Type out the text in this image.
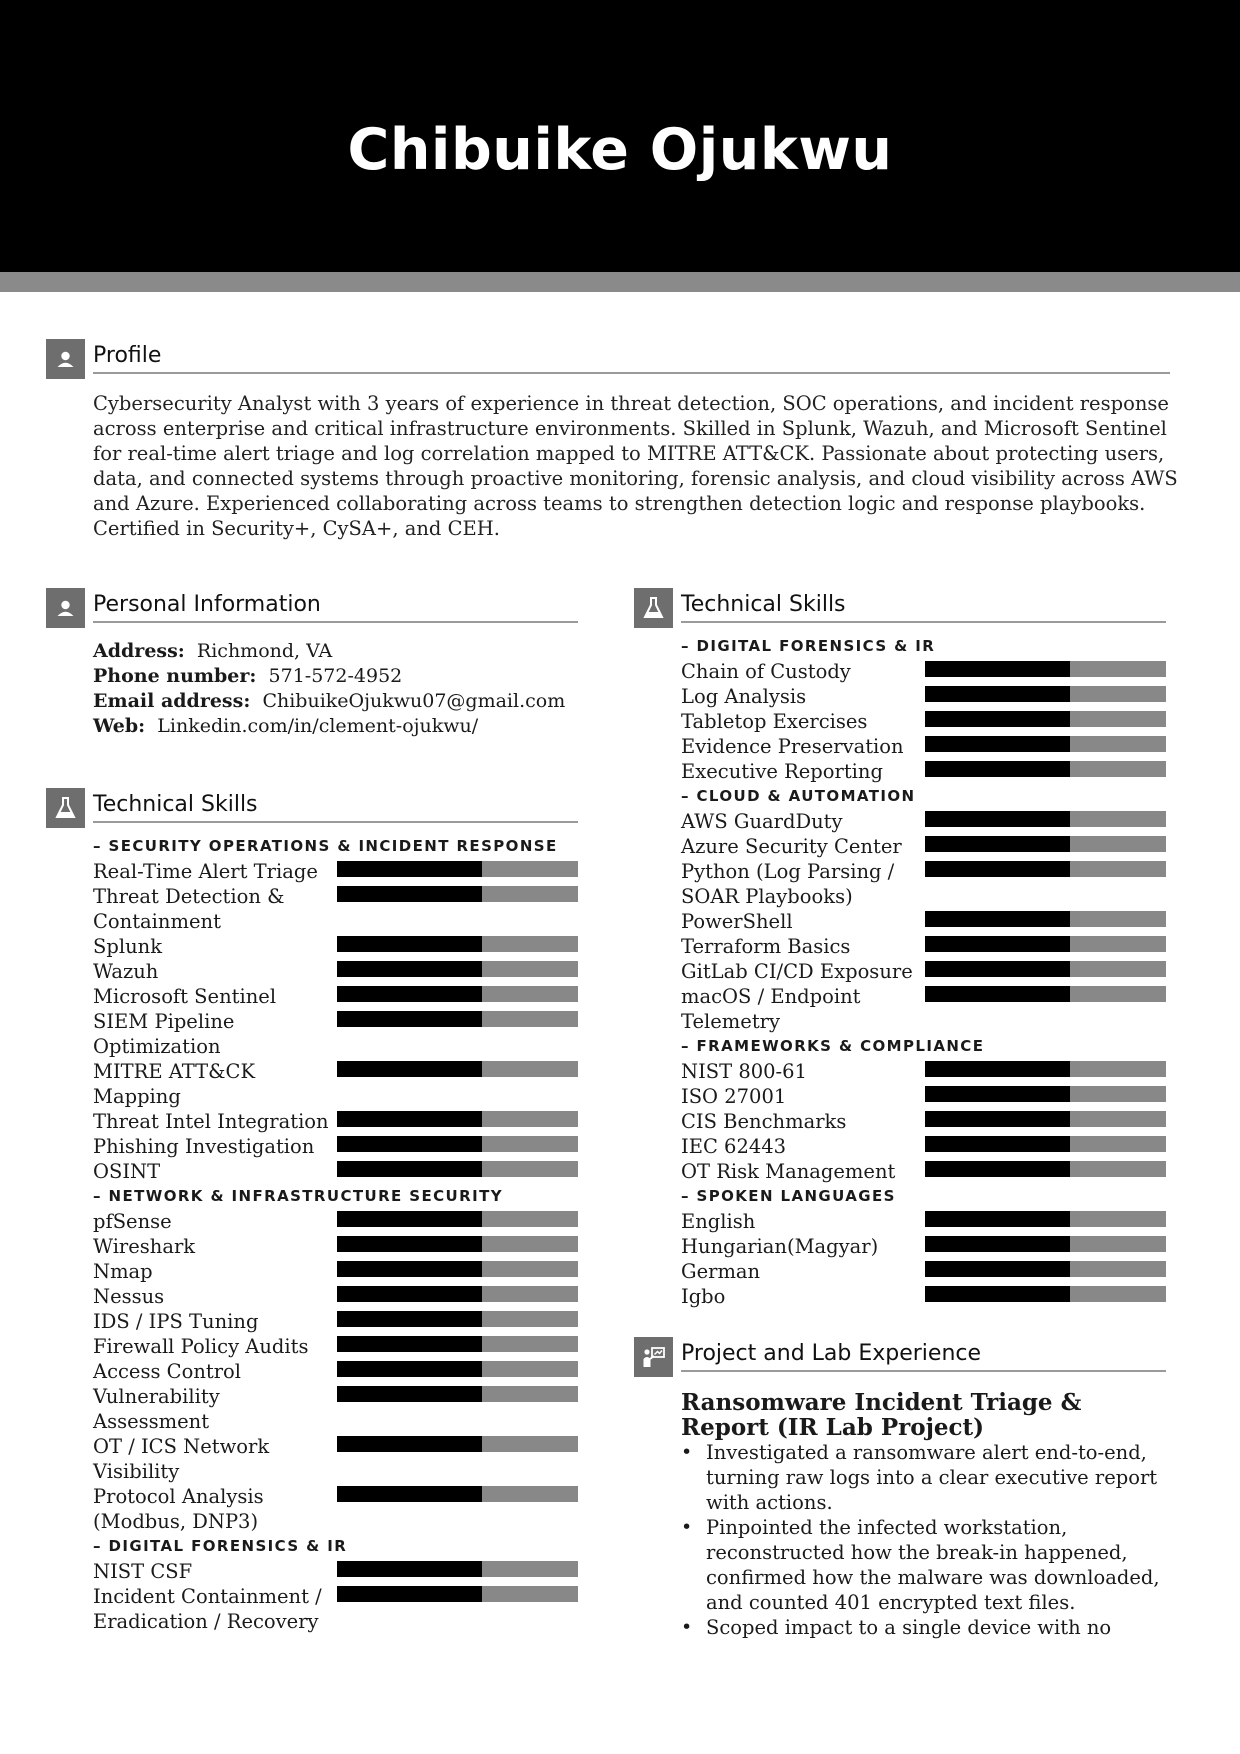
Chibuike Ojukwu
Profile
Cybersecurity Analyst with 3 years of experience in threat detection, SOC operations, and incident response across enterprise and critical infrastructure environments. Skilled in Splunk, Wazuh, and Microsoft Sentinel for real-time alert triage and log correlation mapped to MITRE ATT&CK. Passionate about protecting users, data, and connected systems through proactive monitoring, forensic analysis, and cloud visibility across AWS and Azure. Experienced collaborating across teams to strengthen detection logic and response playbooks. Certified in Security+, CySA+, and CEH.
Personal Information
Address: Richmond, VA
Phone number: 571-572-4952
Email address: ChibuikeOjukwu07@gmail.com
Web: Linkedin.com/in/clement-ojukwu/
Technical Skills
– SECURITY OPERATIONS & INCIDENT RESPONSE
Real-Time Alert Triage
Threat Detection & Containment
Splunk
Wazuh
Microsoft Sentinel
SIEM Pipeline Optimization
MITRE ATT&CK Mapping
Threat Intel Integration
Phishing Investigation
OSINT
– NETWORK & INFRASTRUCTURE SECURITY
pfSense
Wireshark
Nmap
Nessus
IDS / IPS Tuning
Firewall Policy Audits
Access Control
Vulnerability Assessment
OT / ICS Network Visibility
Protocol Analysis (Modbus, DNP3)
– DIGITAL FORENSICS & IR
NIST CSF
Incident Containment / Eradication / Recovery
Technical Skills
– DIGITAL FORENSICS & IR
Chain of Custody
Log Analysis
Tabletop Exercises
Evidence Preservation
Executive Reporting
– CLOUD & AUTOMATION
AWS GuardDuty
Azure Security Center
Python (Log Parsing / SOAR Playbooks)
PowerShell
Terraform Basics
GitLab CI/CD Exposure
macOS / Endpoint Telemetry
– FRAMEWORKS & COMPLIANCE
NIST 800-61
ISO 27001
CIS Benchmarks
IEC 62443
OT Risk Management
– SPOKEN LANGUAGES
English
Hungarian(Magyar)
German
Igbo
Project and Lab Experience
Ransomware Incident Triage & Report (IR Lab Project)
• Investigated a ransomware alert end-to-end, turning raw logs into a clear executive report with actions.
• Pinpointed the infected workstation, reconstructed how the break-in happened, confirmed how the malware was downloaded, and counted 401 encrypted text files.
• Scoped impact to a single device with no
